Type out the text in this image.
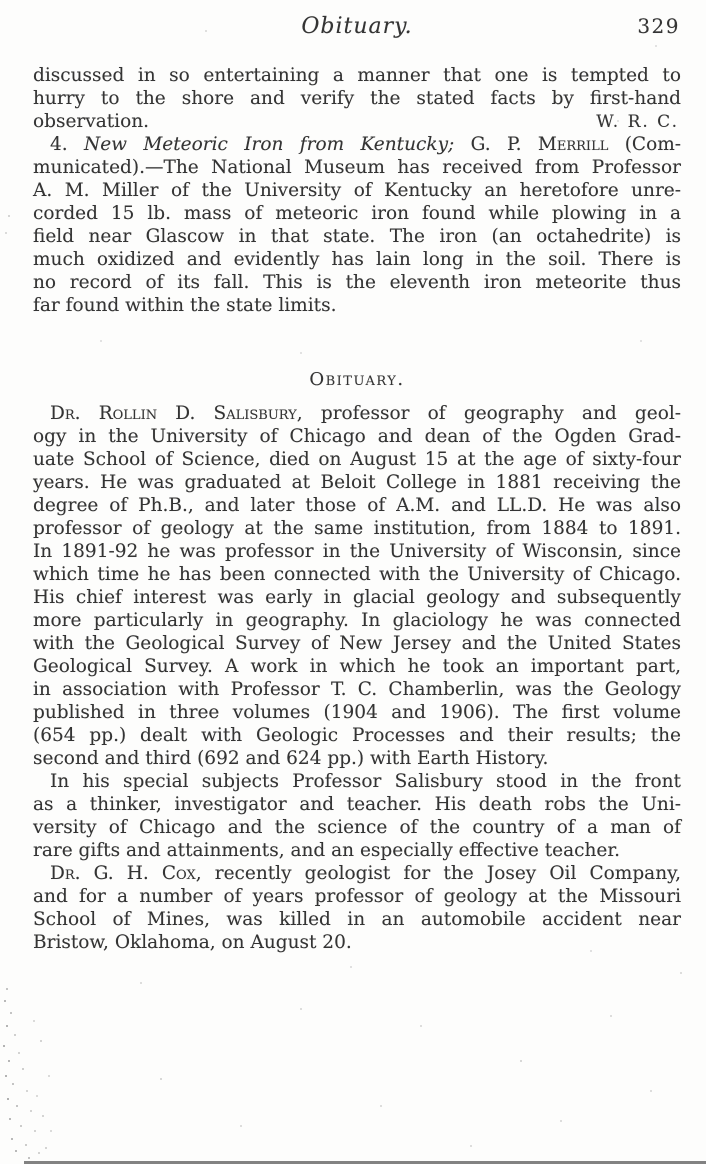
Obituary.	329
discussed in so entertaining a manner that one is tempted to
hurry to the shore and verify the stated facts by first-hand
observation.	W. R. C.
4. New Meteoric Iron from Kentucky; G. P. Merrill (Com-
municated).—The National Museum has received from Professor
A. M. Miller of the University of Kentucky an heretofore unre-
corded 15 lb. mass of meteoric iron found while plowing in a
field near Glascow in that state. The iron (an octahedrite) is
much oxidized and evidently has lain long in the soil. There is
no record of its fall. This is the eleventh iron meteorite thus
far found within the state limits.
Obituary.
Dr. Rollin D. Salisbury, professor of geography and geol-
ogy in the University of Chicago and dean of the Ogden Grad-
uate School of Science, died on August 15 at the age of sixty-four
years. He was graduated at Beloit College in 1881 receiving the
degree of Ph.B., and later those of A.M. and LL.D. He was also
professor of geology at the same institution, from 1884 to 1891.
In 1891-92 he was professor in the University of Wisconsin, since
which time he has been connected with the University of Chicago.
His chief interest was early in glacial geology and subsequently
more particularly in geography. In glaciology he was connected
with the Geological Survey of New Jersey and the United States
Geological Survey. A work in which he took an important part,
in association with Professor T. C. Chamberlin, was the Geology
published in three volumes (1904 and 1906). The first volume
(654 pp.) dealt with Geologic Processes and their results; the
second and third (692 and 624 pp.) with Earth History.
In his special subjects Professor Salisbury stood in the front
as a thinker, investigator and teacher. His death robs the Uni-
versity of Chicago and the science of the country of a man of
rare gifts and attainments, and an especially effective teacher.
Dr. G. H. Cox, recently geologist for the Josey Oil Company,
and for a number of years professor of geology at the Missouri
School of Mines, was killed in an automobile accident near
Bristow, Oklahoma, on August 20.
